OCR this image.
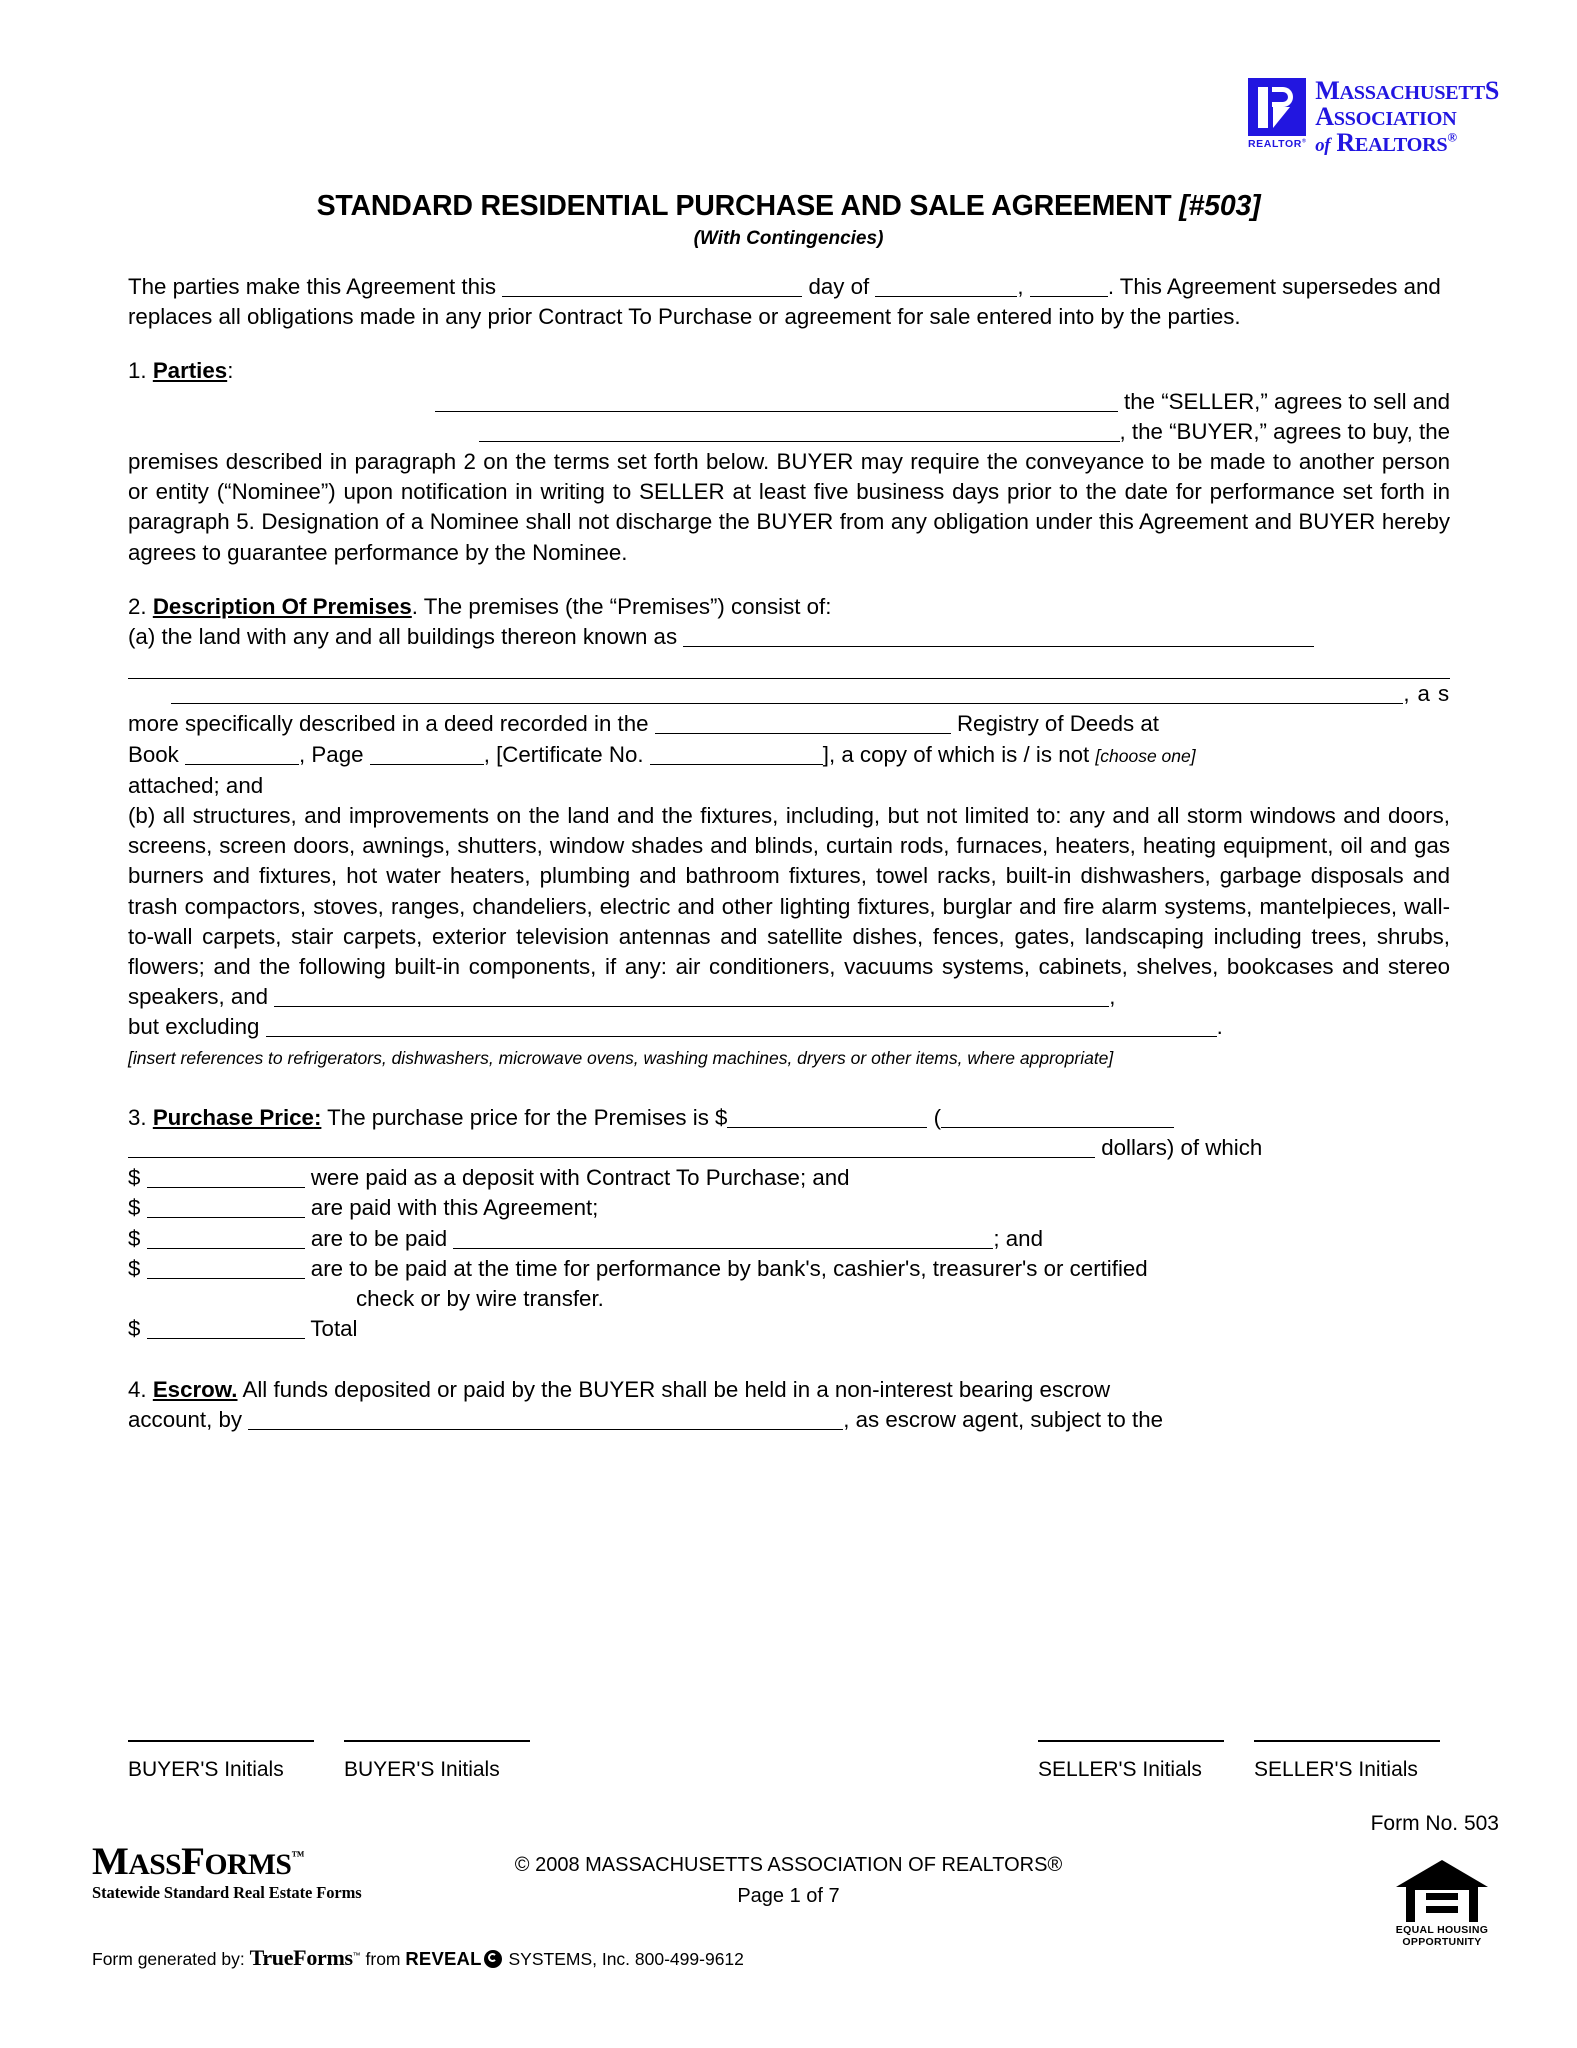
REALTOR®
MASSACHUSETTS
ASSOCIATION
of REALTORS®
STANDARD RESIDENTIAL PURCHASE AND SALE AGREEMENT [#503]
(With Contingencies)

The parties make this Agreement this	day of	,	. This Agreement supersedes and replaces all obligations made in any prior Contract To Purchase or agreement for sale entered into by the parties.

1. Parties:

the “SELLER,” agrees to sell and

, the “BUYER,” agrees to buy, the

premises described in paragraph 2 on the terms set forth below. BUYER may require the conveyance to be made to another person or entity (“Nominee”) upon notification in writing to SELLER at least five business days prior to the date for performance set forth in paragraph 5. Designation of a Nominee shall not discharge the BUYER from any obligation under this Agreement and BUYER hereby agrees to guarantee performance by the Nominee.

2. Description Of Premises. The premises (the “Premises”) consist of:

(a) the land with any and all buildings thereon known as

, a s

more specifically described in a deed recorded in the	Registry of Deeds at

Book	, Page	, [Certificate No.	], a copy of which is / is not [choose one]

attached; and

(b) all structures, and improvements on the land and the fixtures, including, but not limited to: any and all storm windows and doors, screens, screen doors, awnings, shutters, window shades and blinds, curtain rods, furnaces, heaters, heating equipment, oil and gas burners and fixtures, hot water heaters, plumbing and bathroom fixtures, towel racks, built-in dishwashers, garbage disposals and trash compactors, stoves, ranges, chandeliers, electric and other lighting fixtures, burglar and fire alarm systems, mantelpieces, wall-to-wall carpets, stair carpets, exterior television antennas and satellite dishes, fences, gates, landscaping including trees, shrubs, flowers; and the following built-in components, if any: air conditioners, vacuums systems, cabinets, shelves, bookcases and stereo speakers, and	,

but excluding	.

[insert references to refrigerators, dishwashers, microwave ovens, washing machines, dryers or other items, where appropriate]

3. Purchase Price: The purchase price for the Premises is $	(

dollars) of which

$	were paid as a deposit with Contract To Purchase; and

$	are paid with this Agreement;

$	are to be paid	; and

$	are to be paid at the time for performance by bank's, cashier's, treasurer's or certified

check or by wire transfer.

$	Total

4. Escrow. All funds deposited or paid by the BUYER shall be held in a non-interest bearing escrow

account, by	, as escrow agent, subject to the

BUYER'S Initials	BUYER'S Initials	SELLER'S Initials	SELLER'S Initials
MASSFORMS™
Statewide Standard Real Estate Forms
Form generated by: TrueForms™ from REVEAL SYSTEMS, Inc. 800-499-9612
© 2008 MASSACHUSETTS ASSOCIATION OF REALTORS®
Page 1 of 7
Form No. 503
EQUAL HOUSING
OPPORTUNITY
